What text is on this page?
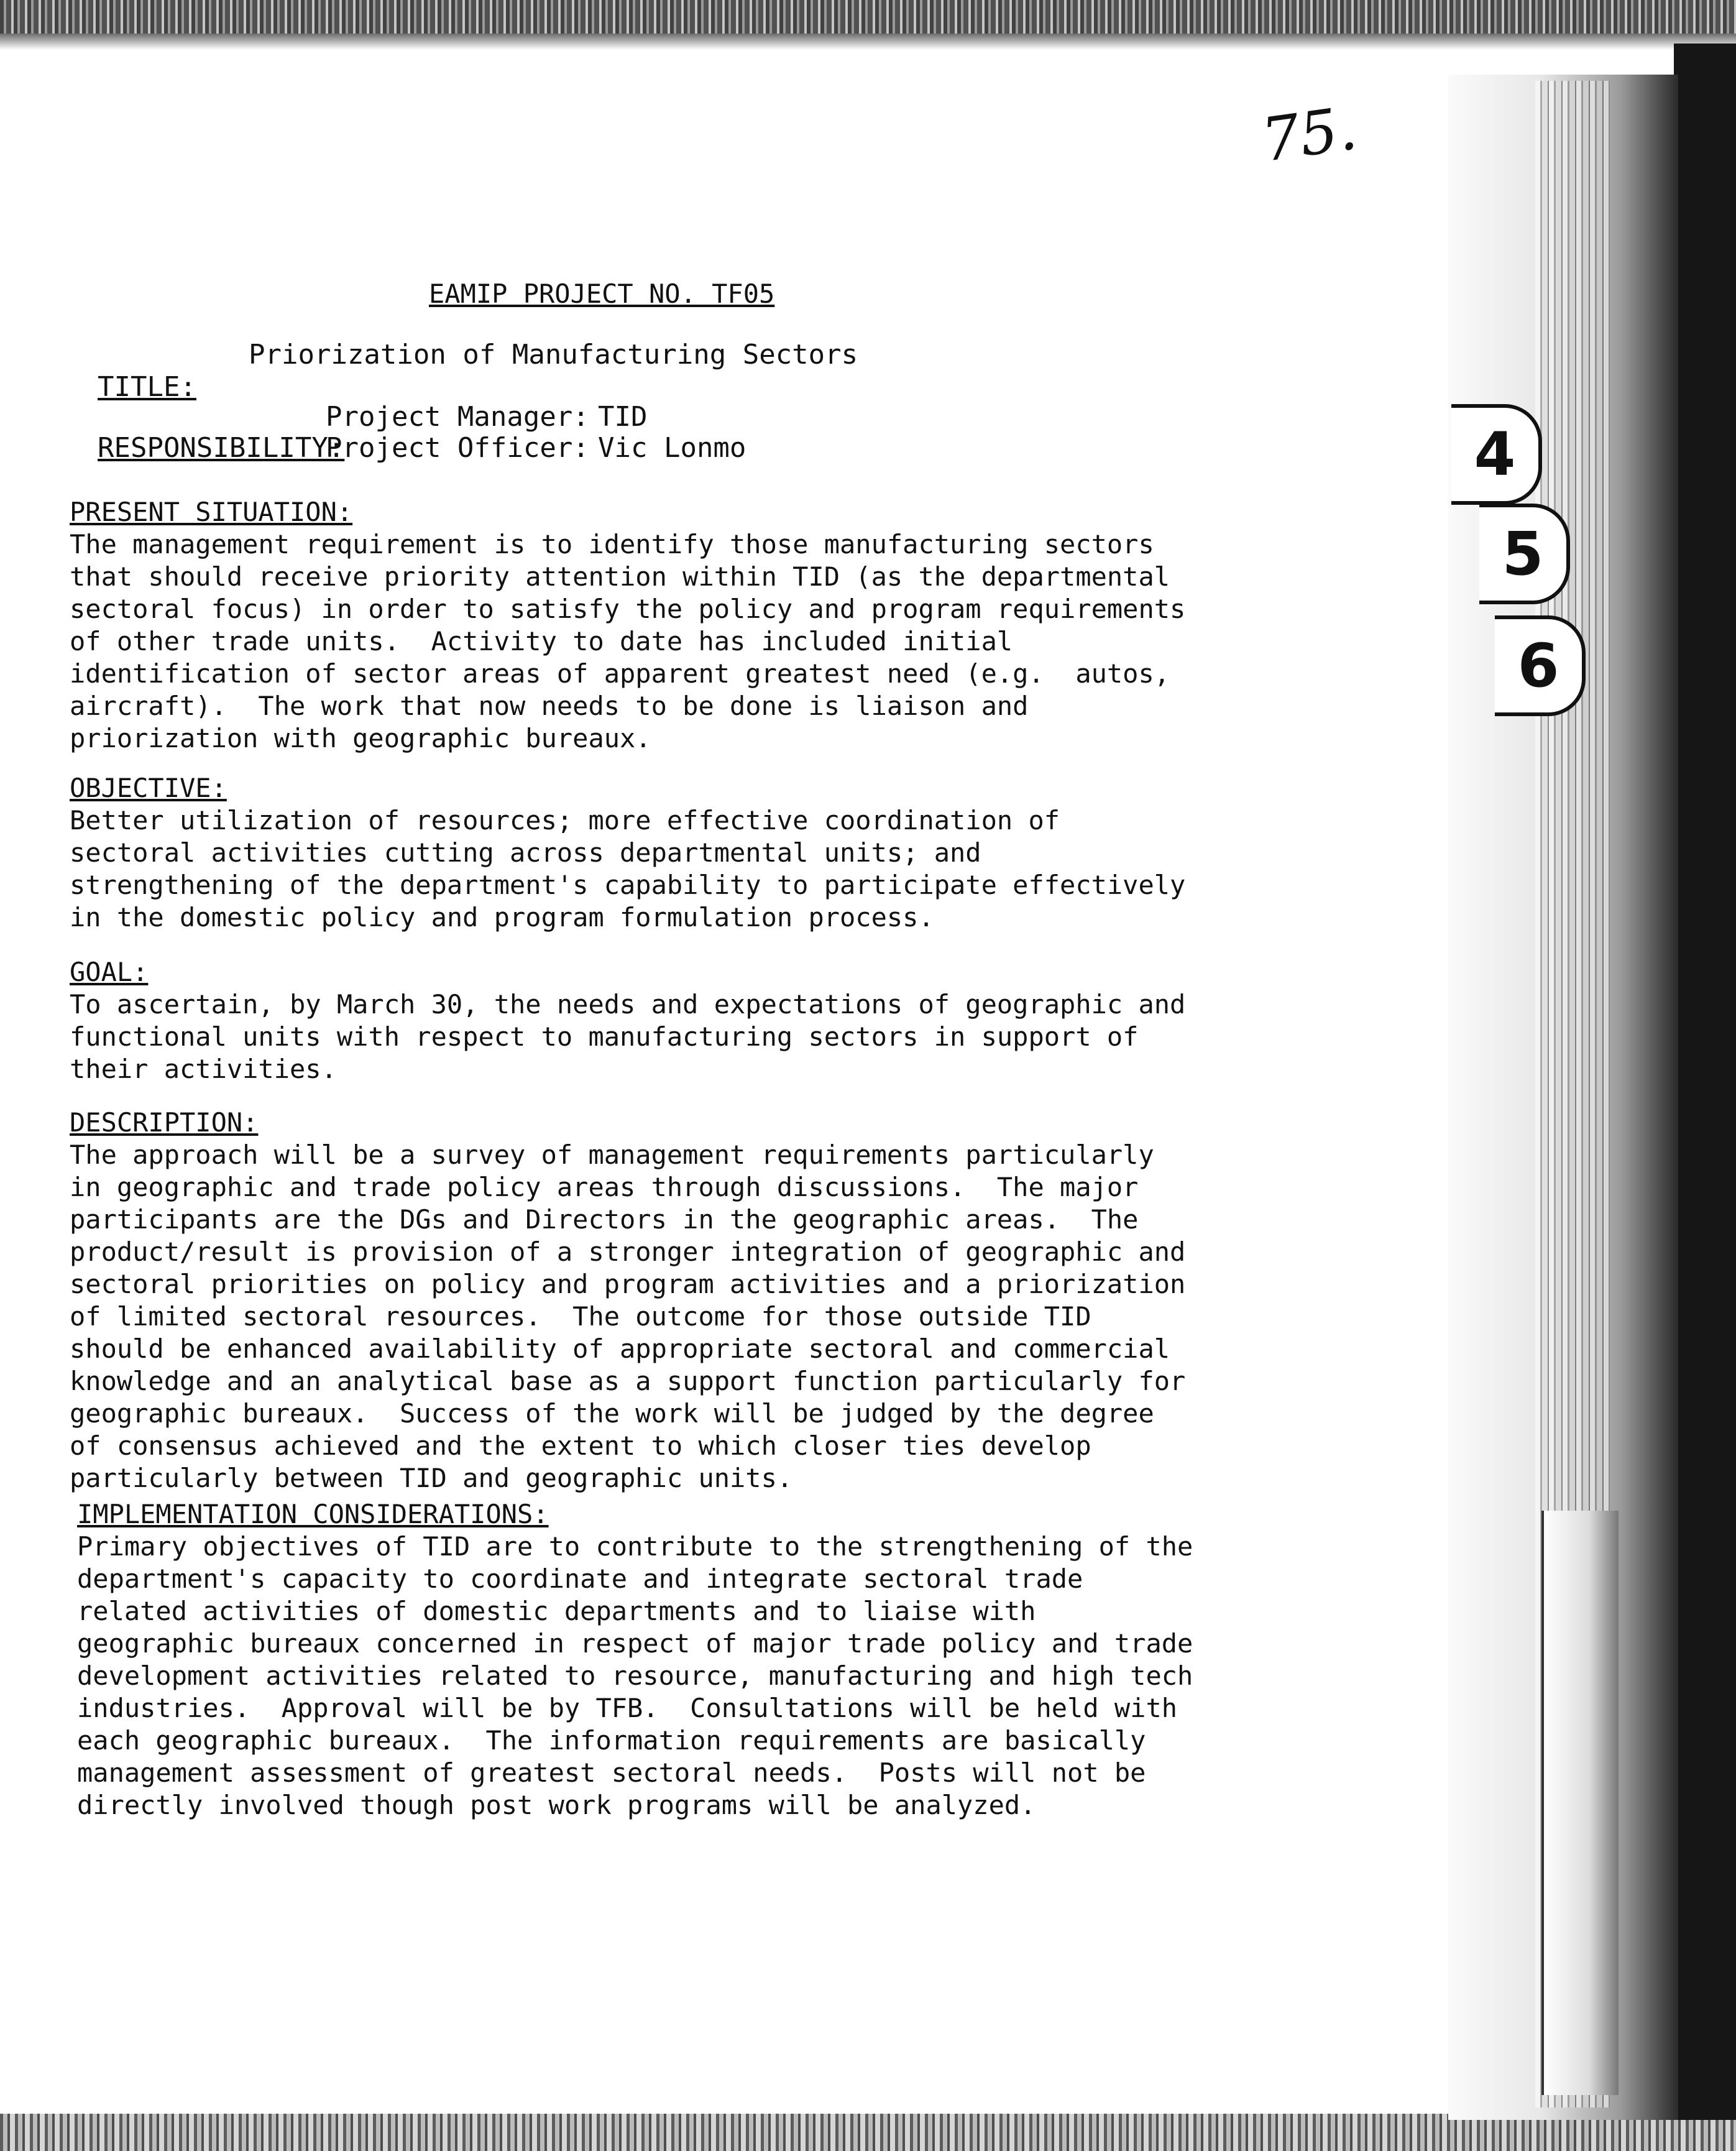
4
5
6
75.
EAMIP PROJECT NO. TF05

TITLE:

Priorization of Manufacturing Sectors

RESPONSIBILITY:

Project Manager: TID
Project Officer: Vic Lonmo
PRESENT SITUATION:
The management requirement is to identify those manufacturing sectors
that should receive priority attention within TID (as the departmental
sectoral focus) in order to satisfy the policy and program requirements
of other trade units.  Activity to date has included initial
identification of sector areas of apparent greatest need (e.g.  autos,
aircraft).  The work that now needs to be done is liaison and
priorization with geographic bureaux.
OBJECTIVE:
Better utilization of resources; more effective coordination of
sectoral activities cutting across departmental units; and
strengthening of the department's capability to participate effectively
in the domestic policy and program formulation process.
GOAL:
To ascertain, by March 30, the needs and expectations of geographic and
functional units with respect to manufacturing sectors in support of
their activities.
DESCRIPTION:
The approach will be a survey of management requirements particularly
in geographic and trade policy areas through discussions.  The major
participants are the DGs and Directors in the geographic areas.  The
product/result is provision of a stronger integration of geographic and
sectoral priorities on policy and program activities and a priorization
of limited sectoral resources.  The outcome for those outside TID
should be enhanced availability of appropriate sectoral and commercial
knowledge and an analytical base as a support function particularly for
geographic bureaux.  Success of the work will be judged by the degree
of consensus achieved and the extent to which closer ties develop
particularly between TID and geographic units.
IMPLEMENTATION CONSIDERATIONS:
Primary objectives of TID are to contribute to the strengthening of the
department's capacity to coordinate and integrate sectoral trade
related activities of domestic departments and to liaise with
geographic bureaux concerned in respect of major trade policy and trade
development activities related to resource, manufacturing and high tech
industries.  Approval will be by TFB.  Consultations will be held with
each geographic bureaux.  The information requirements are basically
management assessment of greatest sectoral needs.  Posts will not be
directly involved though post work programs will be analyzed.
